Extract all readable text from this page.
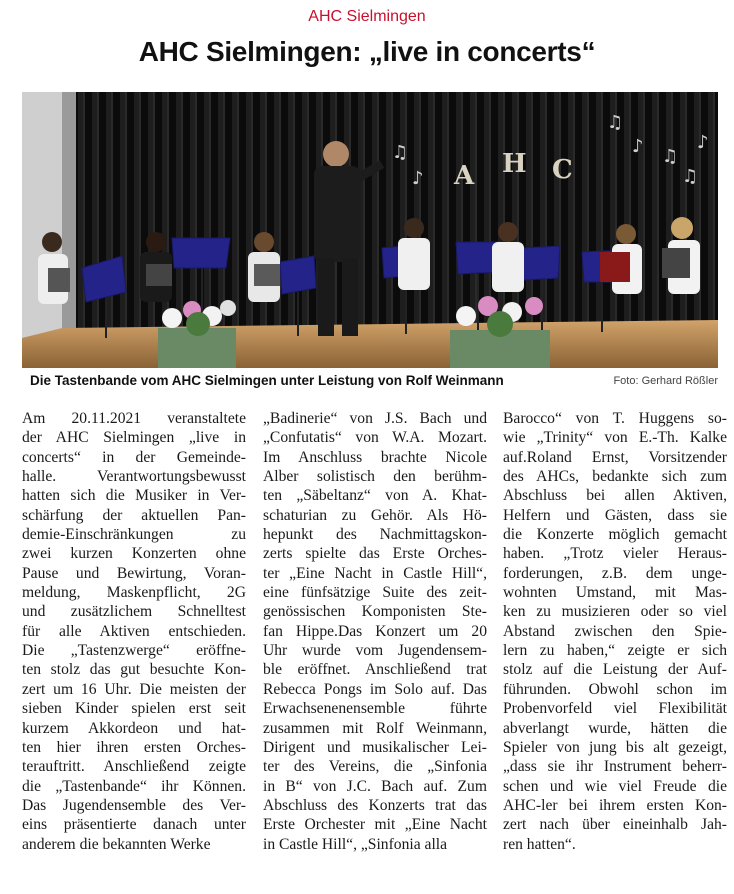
AHC Sielmingen
AHC Sielmingen: „live in concerts“
A H C
♫
♪
♫
♪ ♫
♪
♫
Die Tastenbande vom AHC Sielmingen unter Leistung von Rolf Weinmann	Foto: Gerhard Rößler
Am 20.11.2021 veranstaltete
der AHC Sielmingen „live in
concerts“ in der Gemeinde-
halle. Verantwortungsbewusst
hatten sich die Musiker in Ver-
schärfung der aktuellen Pan-
demie-Einschränkungen zu
zwei kurzen Konzerten ohne
Pause und Bewirtung, Voran-
meldung, Maskenpflicht, 2G
und zusätzlichem Schnelltest
für alle Aktiven entschieden.
Die „Tastenzwerge“ eröffne-
ten stolz das gut besuchte Kon-
zert um 16 Uhr. Die meisten der
sieben Kinder spielen erst seit
kurzem Akkordeon und hat-
ten hier ihren ersten Orches-
terauftritt. Anschließend zeigte
die „Tastenbande“ ihr Können.
Das Jugendensemble des Ver-
eins präsentierte danach unter
anderem die bekannten Werke
„Badinerie“ von J.S. Bach und
„Confutatis“ von W.A. Mozart.
Im Anschluss brachte Nicole
Alber solistisch den berühm-
ten „Säbeltanz“ von A. Khat-
schaturian zu Gehör. Als Hö-
hepunkt des Nachmittagskon-
zerts spielte das Erste Orches-
ter „Eine Nacht in Castle Hill“,
eine fünfsätzige Suite des zeit-
genössischen Komponisten Ste-
fan Hippe.Das Konzert um 20
Uhr wurde vom Jugendensem-
ble eröffnet. Anschließend trat
Rebecca Pongs im Solo auf. Das
Erwachsenenensemble führte
zusammen mit Rolf Weinmann,
Dirigent und musikalischer Lei-
ter des Vereins, die „Sinfonia
in B“ von J.C. Bach auf. Zum
Abschluss des Konzerts trat das
Erste Orchester mit „Eine Nacht
in Castle Hill“, „Sinfonia alla
Barocco“ von T. Huggens so-
wie „Trinity“ von E.-Th. Kalke
auf.Roland Ernst, Vorsitzender
des AHCs, bedankte sich zum
Abschluss bei allen Aktiven,
Helfern und Gästen, dass sie
die Konzerte möglich gemacht
haben. „Trotz vieler Heraus-
forderungen, z.B. dem unge-
wohnten Umstand, mit Mas-
ken zu musizieren oder so viel
Abstand zwischen den Spie-
lern zu haben,“ zeigte er sich
stolz auf die Leistung der Auf-
führunden. Obwohl schon im
Probenvorfeld viel Flexibilität
abverlangt wurde, hätten die
Spieler von jung bis alt gezeigt,
„dass sie ihr Instrument beherr-
schen und wie viel Freude die
AHC-ler bei ihrem ersten Kon-
zert nach über eineinhalb Jah-
ren hatten“.
